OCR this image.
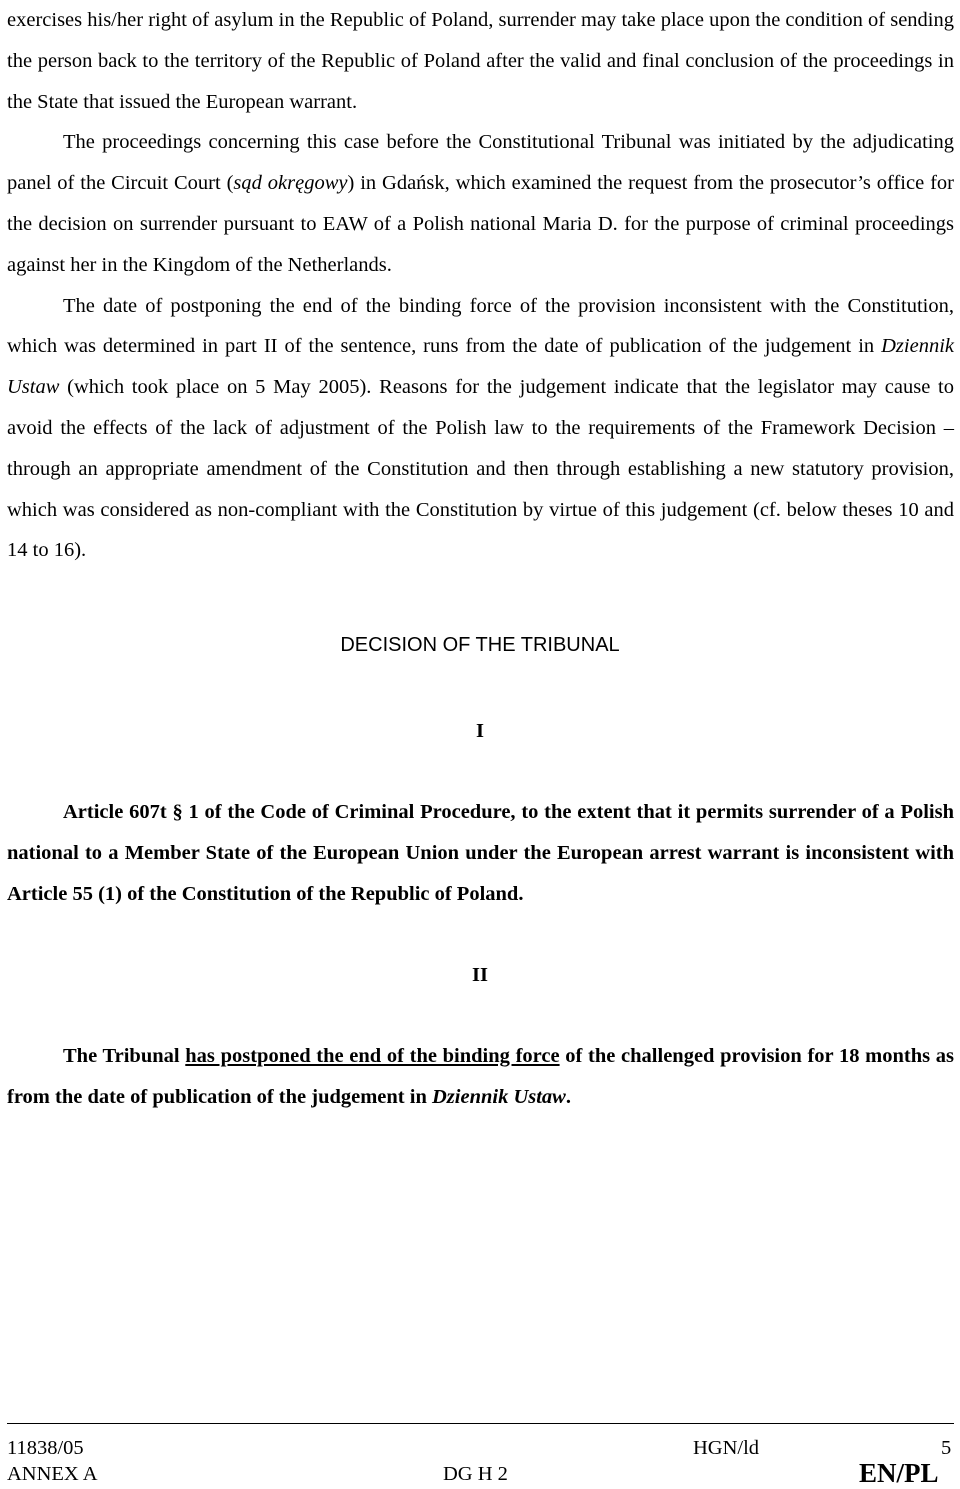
exercises his/her right of asylum in the Republic of Poland, surrender may take place upon the condition of sending the person back to the territory of the Republic of Poland after the valid and final conclusion of the proceedings in the State that issued the European warrant.

The proceedings concerning this case before the Constitutional Tribunal was initiated by the adjudicating panel of the Circuit Court (sąd okręgowy) in Gdańsk, which examined the request from the prosecutor’s office for the decision on surrender pursuant to EAW of a Polish national Maria D. for the purpose of criminal proceedings against her in the Kingdom of the Netherlands.

The date of postponing the end of the binding force of the provision inconsistent with the Constitution, which was determined in part II of the sentence, runs from the date of publication of the judgement in Dziennik Ustaw (which took place on 5 May 2005). Reasons for the judgement indicate that the legislator may cause to avoid the effects of the lack of adjustment of the Polish law to the requirements of the Framework Decision – through an appropriate amendment of the Constitution and then through establishing a new statutory provision, which was considered as non-compliant with the Constitution by virtue of this judgement (cf. below theses 10 and 14 to 16).

DECISION OF THE TRIBUNAL
I
Article 607t § 1 of the Code of Criminal Procedure, to the extent that it permits surrender of a Polish national to a Member State of the European Union under the European arrest warrant is inconsistent with Article 55 (1) of the Constitution of the Republic of Poland.
II
The Tribunal has postponed the end of the binding force of the challenged provision for 18 months as from the date of publication of the judgement in Dziennik Ustaw.
11838/05	HGN/ld	5
ANNEX A	DG H 2	EN/PL
